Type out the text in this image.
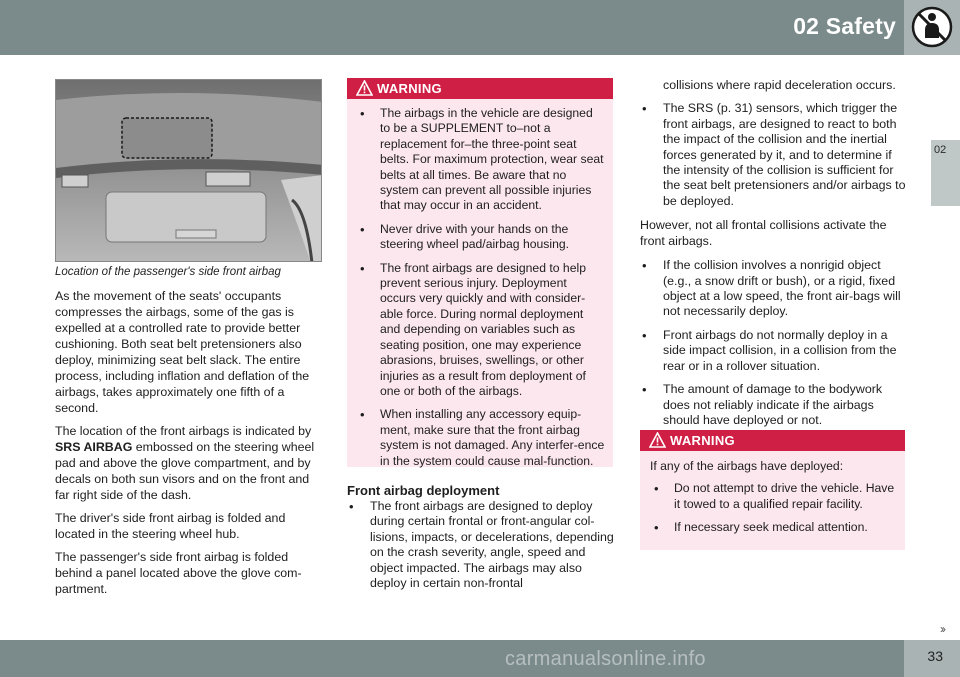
02 Safety
02
Location of the passenger's side front airbag

As the movement of the seats' occupants compresses the airbags, some of the gas is expelled at a controlled rate to provide better cushioning. Both seat belt pretensioners also deploy, minimizing seat belt slack. The entire process, including inflation and deflation of the airbags, takes approximately one fifth of a second.

The location of the front airbags is indicated by SRS AIRBAG embossed on the steering wheel pad and above the glove compartment, and by decals on both sun visors and on the front and far right side of the dash.

The driver's side front airbag is folded and located in the steering wheel hub.

The passenger's side front airbag is folded behind a panel located above the glove com-partment.

WARNING
• The airbags in the vehicle are designed to be a SUPPLEMENT to–not a replacement for–the three-point seat belts. For maximum protection, wear seat belts at all times. Be aware that no system can prevent all possible injuries that may occur in an accident.
• Never drive with your hands on the steering wheel pad/airbag housing.
• The front airbags are designed to help prevent serious injury. Deployment occurs very quickly and with consider-able force. During normal deployment and depending on variables such as seating position, one may experience abrasions, bruises, swellings, or other injuries as a result from deployment of one or both of the airbags.
• When installing any accessory equip-ment, make sure that the front airbag system is not damaged. Any interfer-ence in the system could cause mal-function.
Front airbag deployment
• The front airbags are designed to deploy during certain frontal or front-angular col-lisions, impacts, or decelerations, depending on the crash severity, angle, speed and object impacted. The airbags may also deploy in certain non-frontal
collisions where rapid deceleration occurs.
• The SRS (p. 31) sensors, which trigger the front airbags, are designed to react to both the impact of the collision and the inertial forces generated by it, and to determine if the intensity of the collision is sufficient for the seat belt pretensioners and/or airbags to be deployed.

However, not all frontal collisions activate the front airbags.

• If the collision involves a nonrigid object (e.g., a snow drift or bush), or a rigid, fixed object at a low speed, the front air-bags will not necessarily deploy.
• Front airbags do not normally deploy in a side impact collision, in a collision from the rear or in a rollover situation.
• The amount of damage to the bodywork does not reliably indicate if the airbags should have deployed or not.
WARNING
If any of the airbags have deployed:
• Do not attempt to drive the vehicle. Have it towed to a qualified repair facility.
• If necessary seek medical attention.
››
carmanualsonline.info	33
